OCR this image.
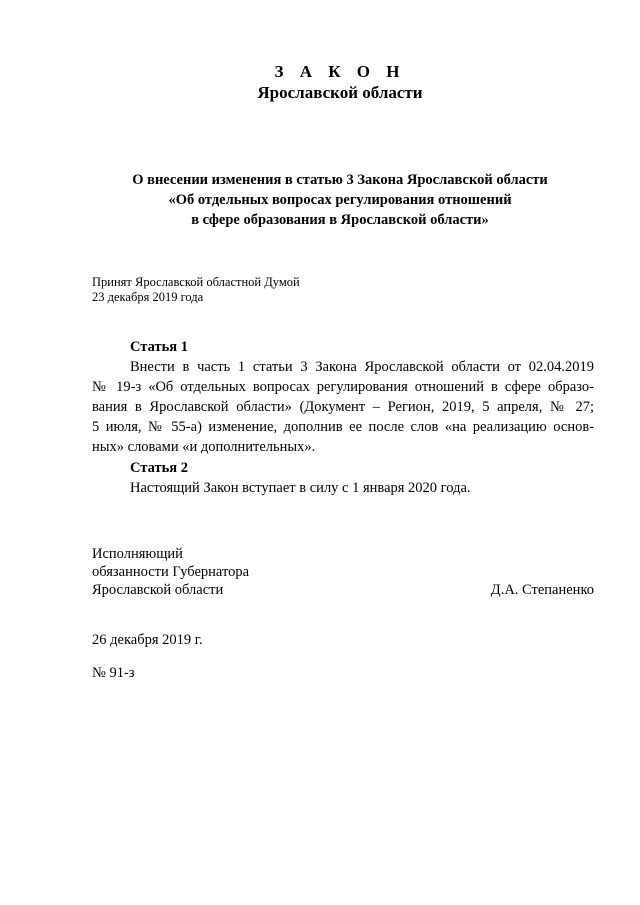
З А К О Н
Ярославской области
О внесении изменения в статью 3 Закона Ярославской области
«Об отдельных вопросах регулирования отношений
в сфере образования в Ярославской области»
Принят Ярославской областной Думой
23 декабря 2019 года
Статья 1
Внести в часть 1 статьи 3 Закона Ярославской области от 02.04.2019
№ 19-з «Об отдельных вопросах регулирования отношений в сфере образо-
вания в Ярославской области» (Документ – Регион, 2019, 5 апреля, № 27;
5 июля, № 55-а) изменение, дополнив ее после слов «на реализацию основ-
ных» словами «и дополнительных».
Статья 2
Настоящий Закон вступает в силу с 1 января 2020 года.
Исполняющий
обязанности Губернатора
Ярославской области	Д.А. Степаненко
26 декабря 2019 г.
№ 91-з
